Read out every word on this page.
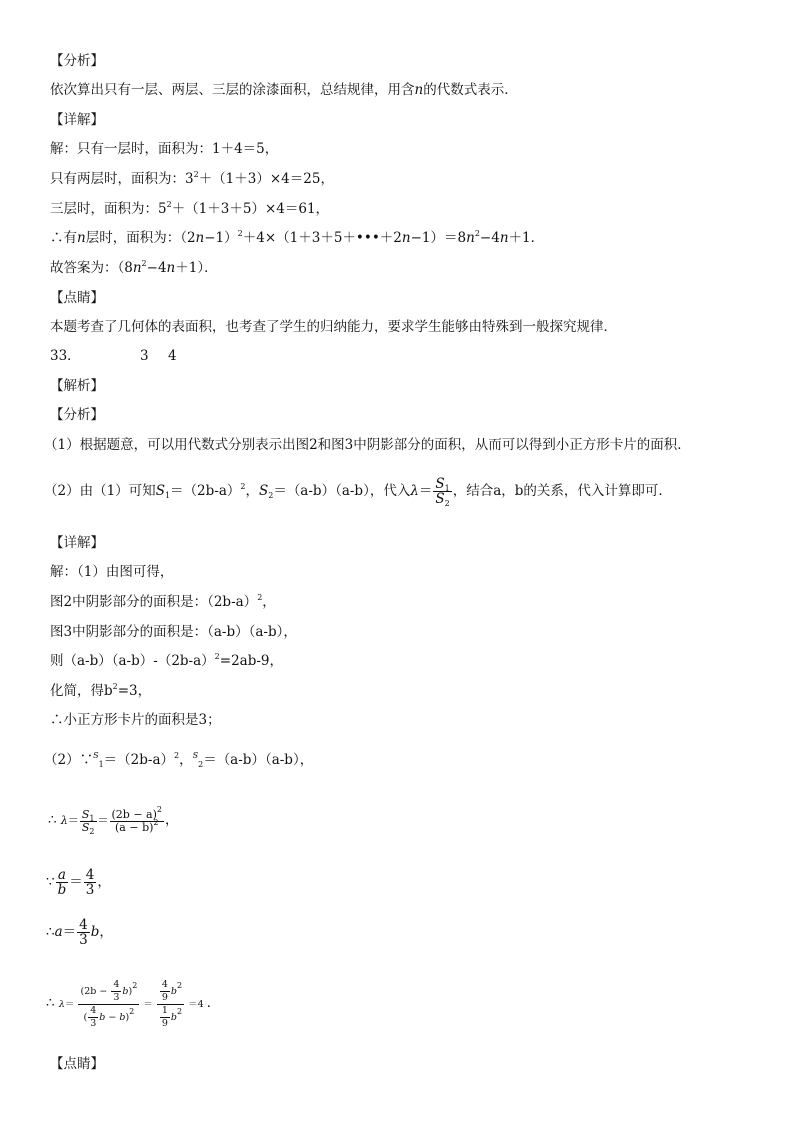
【分析】
依次算出只有一层、两层、三层的涂漆面积，总结规律，用含n的代数式表示．
【详解】
解：只有一层时，面积为：1＋4＝5，
只有两层时，面积为：$3^2+(1+3)\times 4=25$，
三层时，面积为：$5^2+(1+3+5)\times 4=61$，
∴有n层时，面积为：$(2n-1)^2+4\times(1+3+5+•••+2n-1)=8n^2-4n+1$．
故答案为：$(8n^2-4n+1)$．
【点睛】
本题考查了几何体的表面积，也考查了学生的归纳能力，要求学生能够由特殊到一般探究规律．
33．	3 4
【解析】
【分析】
（1）根据题意，可以用代数式分别表示出图2和图3中阴影部分的面积，从而可以得到小正方形卡片的面积．
（2）由（1）可知$S_1=(2b-a)^2$，$S_2=(a-b)(a-b)$，代入$\lambda= \frac{S_1}{S_2}$ ，结合a，b的关系，代入计算即可．
【详解】
解：（1）由图可得，
图2中阴影部分的面积是：$(2b-a)^2$，
图3中阴影部分的面积是：（a-b）（a-b），
则$(a-b)(a-b)-(2b-a)^2=2ab-9$，
化简，得$b^2=3$，
∴小正方形卡片的面积是3；
$(2)\because^S_1=(2b-a)^2$，$^S_2$＝（a-b）（a-b），
∴ $\lambda= \frac{S_1}{S_2} = \frac{(2b - a)^2}{(a - b)^2}$ ，
∵ $\frac{a}{b} = \frac{4}{3}$ ，
∴a＝ $\frac{4}{3}$ b，
∴ $\lambda= \frac{(2b - \frac{4}{3} b)^2}{( \frac{4}{3} b - b)^2} = \frac{\frac{4}{9} b^2}{\frac{1}{9} b^2} =4$ ．
【点睛】
